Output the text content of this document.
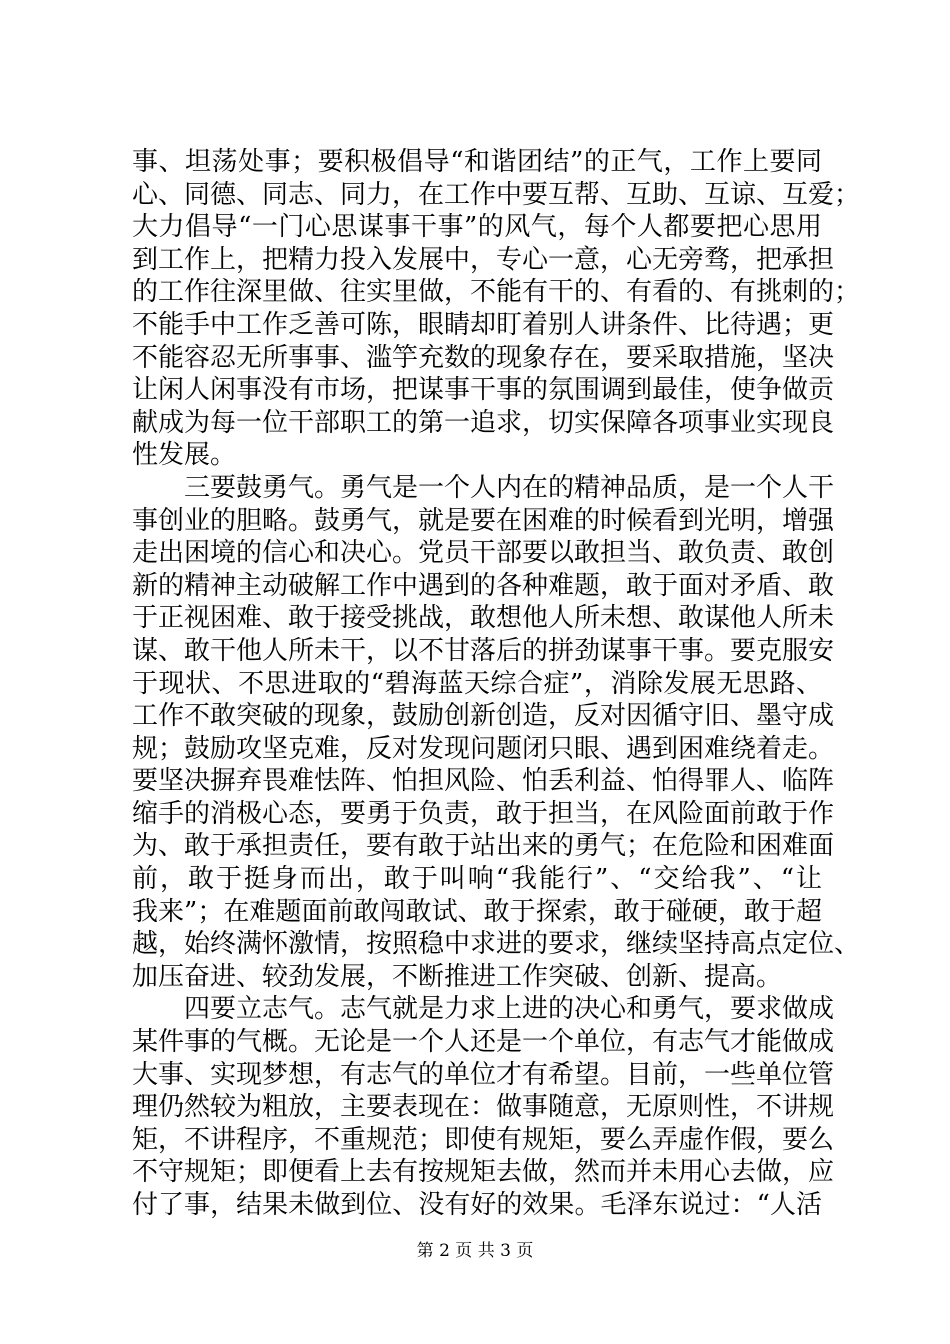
事、坦荡处事；要积极倡导“和谐团结”的正气，工作上要同
心、同德、同志、同力，在工作中要互帮、互助、互谅、互爱；
大力倡导“一门心思谋事干事”的风气，每个人都要把心思用
到工作上，把精力投入发展中，专心一意，心无旁骛，把承担
的工作往深里做、往实里做，不能有干的、有看的、有挑刺的；
不能手中工作乏善可陈，眼睛却盯着别人讲条件、比待遇；更
不能容忍无所事事、滥竽充数的现象存在，要采取措施，坚决
让闲人闲事没有市场，把谋事干事的氛围调到最佳，使争做贡
献成为每一位干部职工的第一追求，切实保障各项事业实现良
性发展。
　　三要鼓勇气。勇气是一个人内在的精神品质，是一个人干
事创业的胆略。鼓勇气，就是要在困难的时候看到光明，增强
走出困境的信心和决心。党员干部要以敢担当、敢负责、敢创
新的精神主动破解工作中遇到的各种难题，敢于面对矛盾、敢
于正视困难、敢于接受挑战，敢想他人所未想、敢谋他人所未
谋、敢干他人所未干，以不甘落后的拼劲谋事干事。要克服安
于现状、不思进取的“碧海蓝天综合症”，消除发展无思路、
工作不敢突破的现象，鼓励创新创造，反对因循守旧、墨守成
规；鼓励攻坚克难，反对发现问题闭只眼、遇到困难绕着走。
要坚决摒弃畏难怯阵、怕担风险、怕丢利益、怕得罪人、临阵
缩手的消极心态，要勇于负责，敢于担当，在风险面前敢于作
为、敢于承担责任，要有敢于站出来的勇气；在危险和困难面
前，敢于挺身而出，敢于叫响“我能行”、“交给我”、“让
我来”；在难题面前敢闯敢试、敢于探索，敢于碰硬，敢于超
越，始终满怀激情，按照稳中求进的要求，继续坚持高点定位、
加压奋进、较劲发展，不断推进工作突破、创新、提高。
　　四要立志气。志气就是力求上进的决心和勇气，要求做成
某件事的气概。无论是一个人还是一个单位，有志气才能做成
大事、实现梦想，有志气的单位才有希望。目前，一些单位管
理仍然较为粗放，主要表现在：做事随意，无原则性，不讲规
矩，不讲程序，不重规范；即使有规矩，要么弄虚作假，要么
不守规矩；即便看上去有按规矩去做，然而并未用心去做，应
付了事，结果未做到位、没有好的效果。毛泽东说过：“人活
第 2 页 共 3 页
